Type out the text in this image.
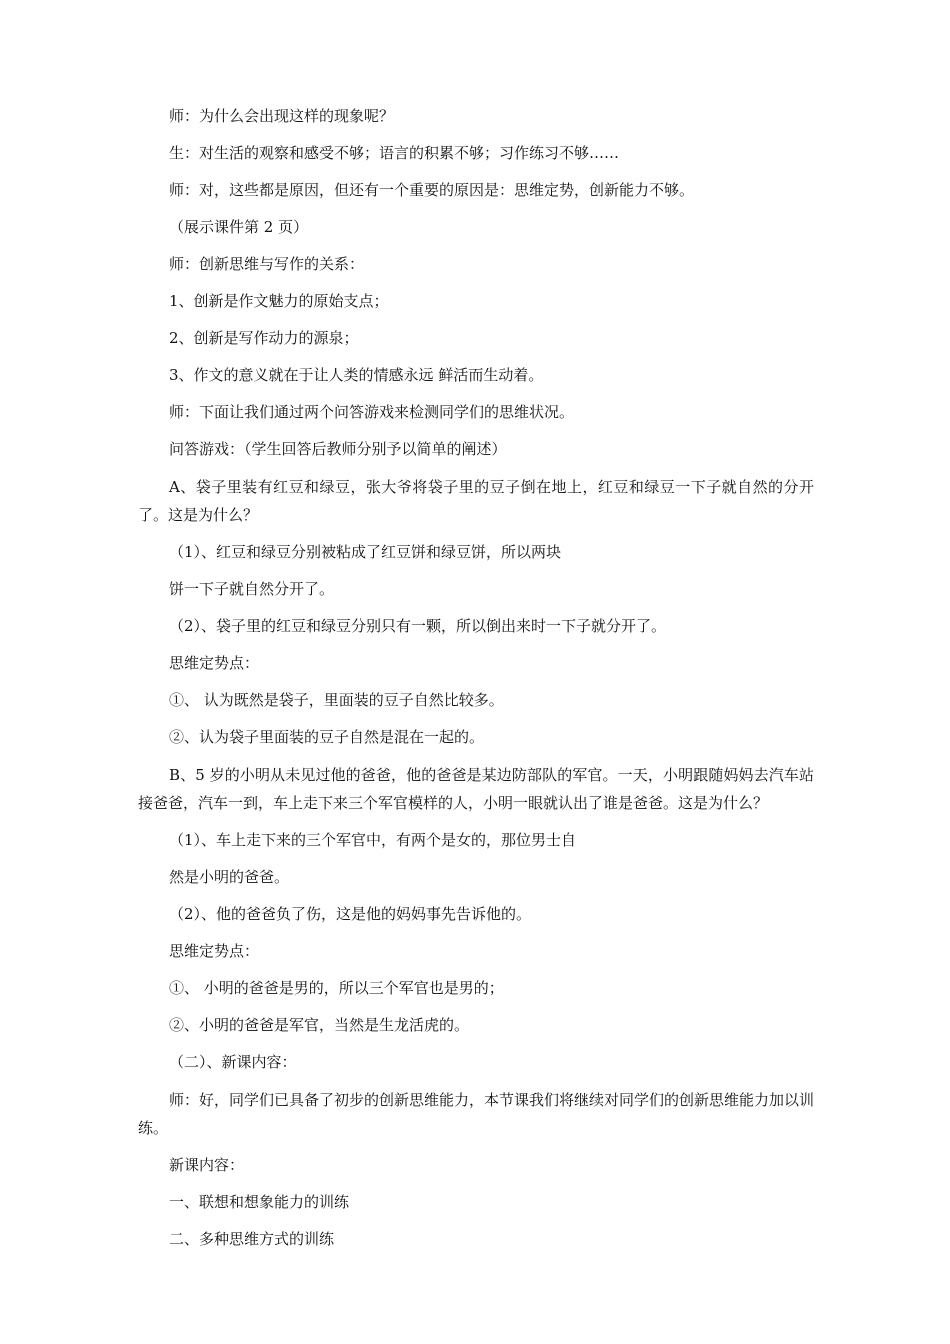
师：为什么会出现这样的现象呢？

生：对生活的观察和感受不够；语言的积累不够；习作练习不够……

师：对，这些都是原因，但还有一个重要的原因是：思维定势，创新能力不够。

（展示课件第 2 页）

师：创新思维与写作的关系：

1、创新是作文魅力的原始支点；

2、创新是写作动力的源泉；

3、作文的意义就在于让人类的情感永远 鲜活而生动着。

师：下面让我们通过两个问答游戏来检测同学们的思维状况。

问答游戏：（学生回答后教师分别予以简单的阐述）

A、袋子里装有红豆和绿豆，张大爷将袋子里的豆子倒在地上，红豆和绿豆一下子就自然的分开了。这是为什么？

（1）、红豆和绿豆分别被粘成了红豆饼和绿豆饼，所以两块

饼一下子就自然分开了。

（2）、袋子里的红豆和绿豆分别只有一颗，所以倒出来时一下子就分开了。

思维定势点：

①、 认为既然是袋子，里面装的豆子自然比较多。

②、认为袋子里面装的豆子自然是混在一起的。

B、5 岁的小明从未见过他的爸爸，他的爸爸是某边防部队的军官。一天，小明跟随妈妈去汽车站接爸爸，汽车一到，车上走下来三个军官模样的人，小明一眼就认出了谁是爸爸。这是为什么？

（1）、车上走下来的三个军官中，有两个是女的，那位男士自

然是小明的爸爸。

（2）、他的爸爸负了伤，这是他的妈妈事先告诉他的。

思维定势点：

①、 小明的爸爸是男的，所以三个军官也是男的；

②、小明的爸爸是军官，当然是生龙活虎的。

（二）、新课内容：

师：好，同学们已具备了初步的创新思维能力，本节课我们将继续对同学们的创新思维能力加以训练。

新课内容：

一、联想和想象能力的训练

二、多种思维方式的训练
